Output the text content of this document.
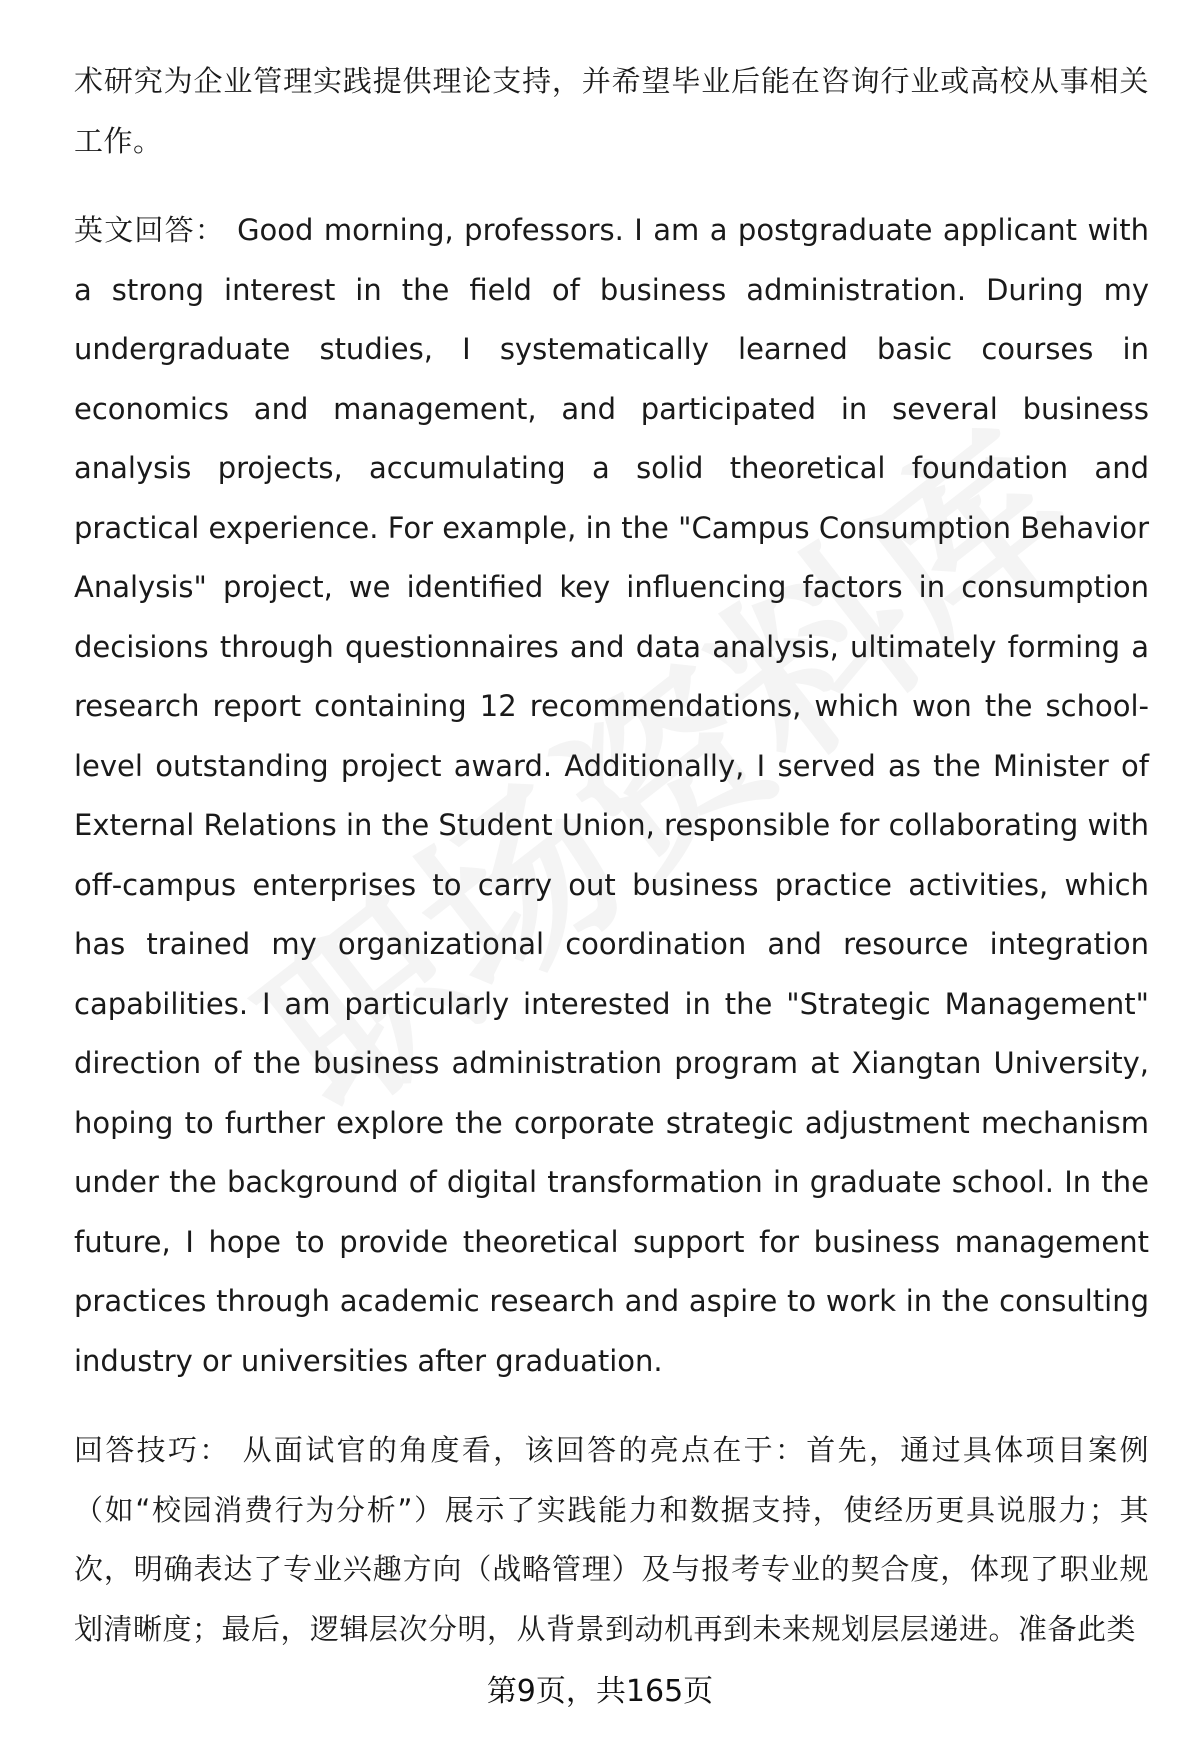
术研究为企业管理实践提供理论支持，并希望毕业后能在咨询行业或高校从事相关工作。

英文回答： Good morning, professors. I am a postgraduate applicant with a strong interest in the field of business administration. During my undergraduate studies, I systematically learned basic courses in economics and management, and participated in several business analysis projects, accumulating a solid theoretical foundation and practical experience. For example, in the "Campus Consumption Behavior Analysis" project, we identified key influencing factors in consumption decisions through questionnaires and data analysis, ultimately forming a research report containing 12 recommendations, which won the school-level outstanding project award. Additionally, I served as the Minister of External Relations in the Student Union, responsible for collaborating with off-campus enterprises to carry out business practice activities, which has trained my organizational coordination and resource integration capabilities. I am particularly interested in the "Strategic Management" direction of the business administration program at Xiangtan University, hoping to further explore the corporate strategic adjustment mechanism under the background of digital transformation in graduate school. In the future, I hope to provide theoretical support for business management practices through academic research and aspire to work in the consulting industry or universities after graduation.

回答技巧： 从面试官的角度看，该回答的亮点在于：首先，通过具体项目案例（如“校园消费行为分析”）展示了实践能力和数据支持，使经历更具说服力；其次，明确表达了专业兴趣方向（战略管理）及与报考专业的契合度，体现了职业规划清晰度；最后，逻辑层次分明，从背景到动机再到未来规划层层递进。准备此类

第9页，共165页
